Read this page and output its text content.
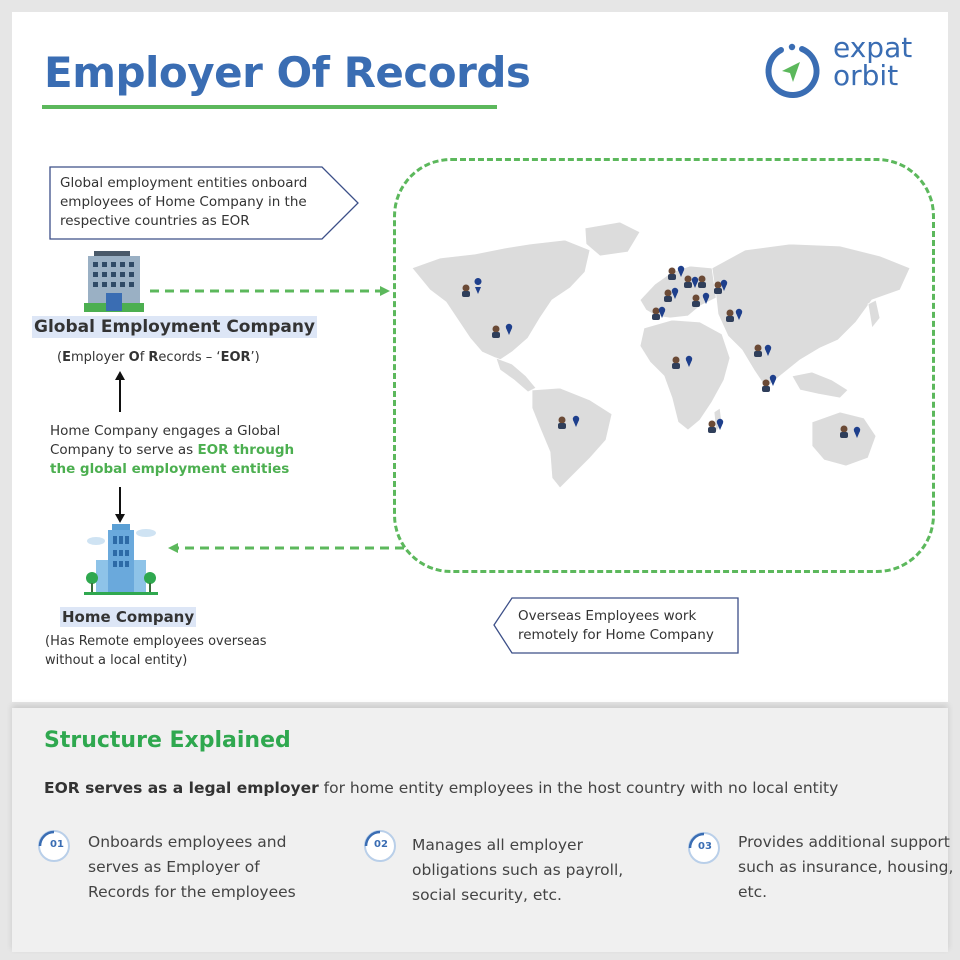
Employer Of Records
expat
orbit
Global employment entities onboard employees of Home Company in the respective countries as EOR
Global Employment Company
(Employer Of Records – ‘EOR’)
Home Company engages a Global Company to serve as EOR through the global employment entities
Home Company
(Has Remote employees overseas without a local entity)
Overseas Employees work remotely for Home Company
Structure Explained
EOR serves as a legal employer for home entity employees in the host country with no local entity
01	Onboards employees and serves as Employer of Records for the employees
02	Manages all employer obligations such as payroll, social security, etc.
03	Provides additional support such as insurance, housing, etc.
